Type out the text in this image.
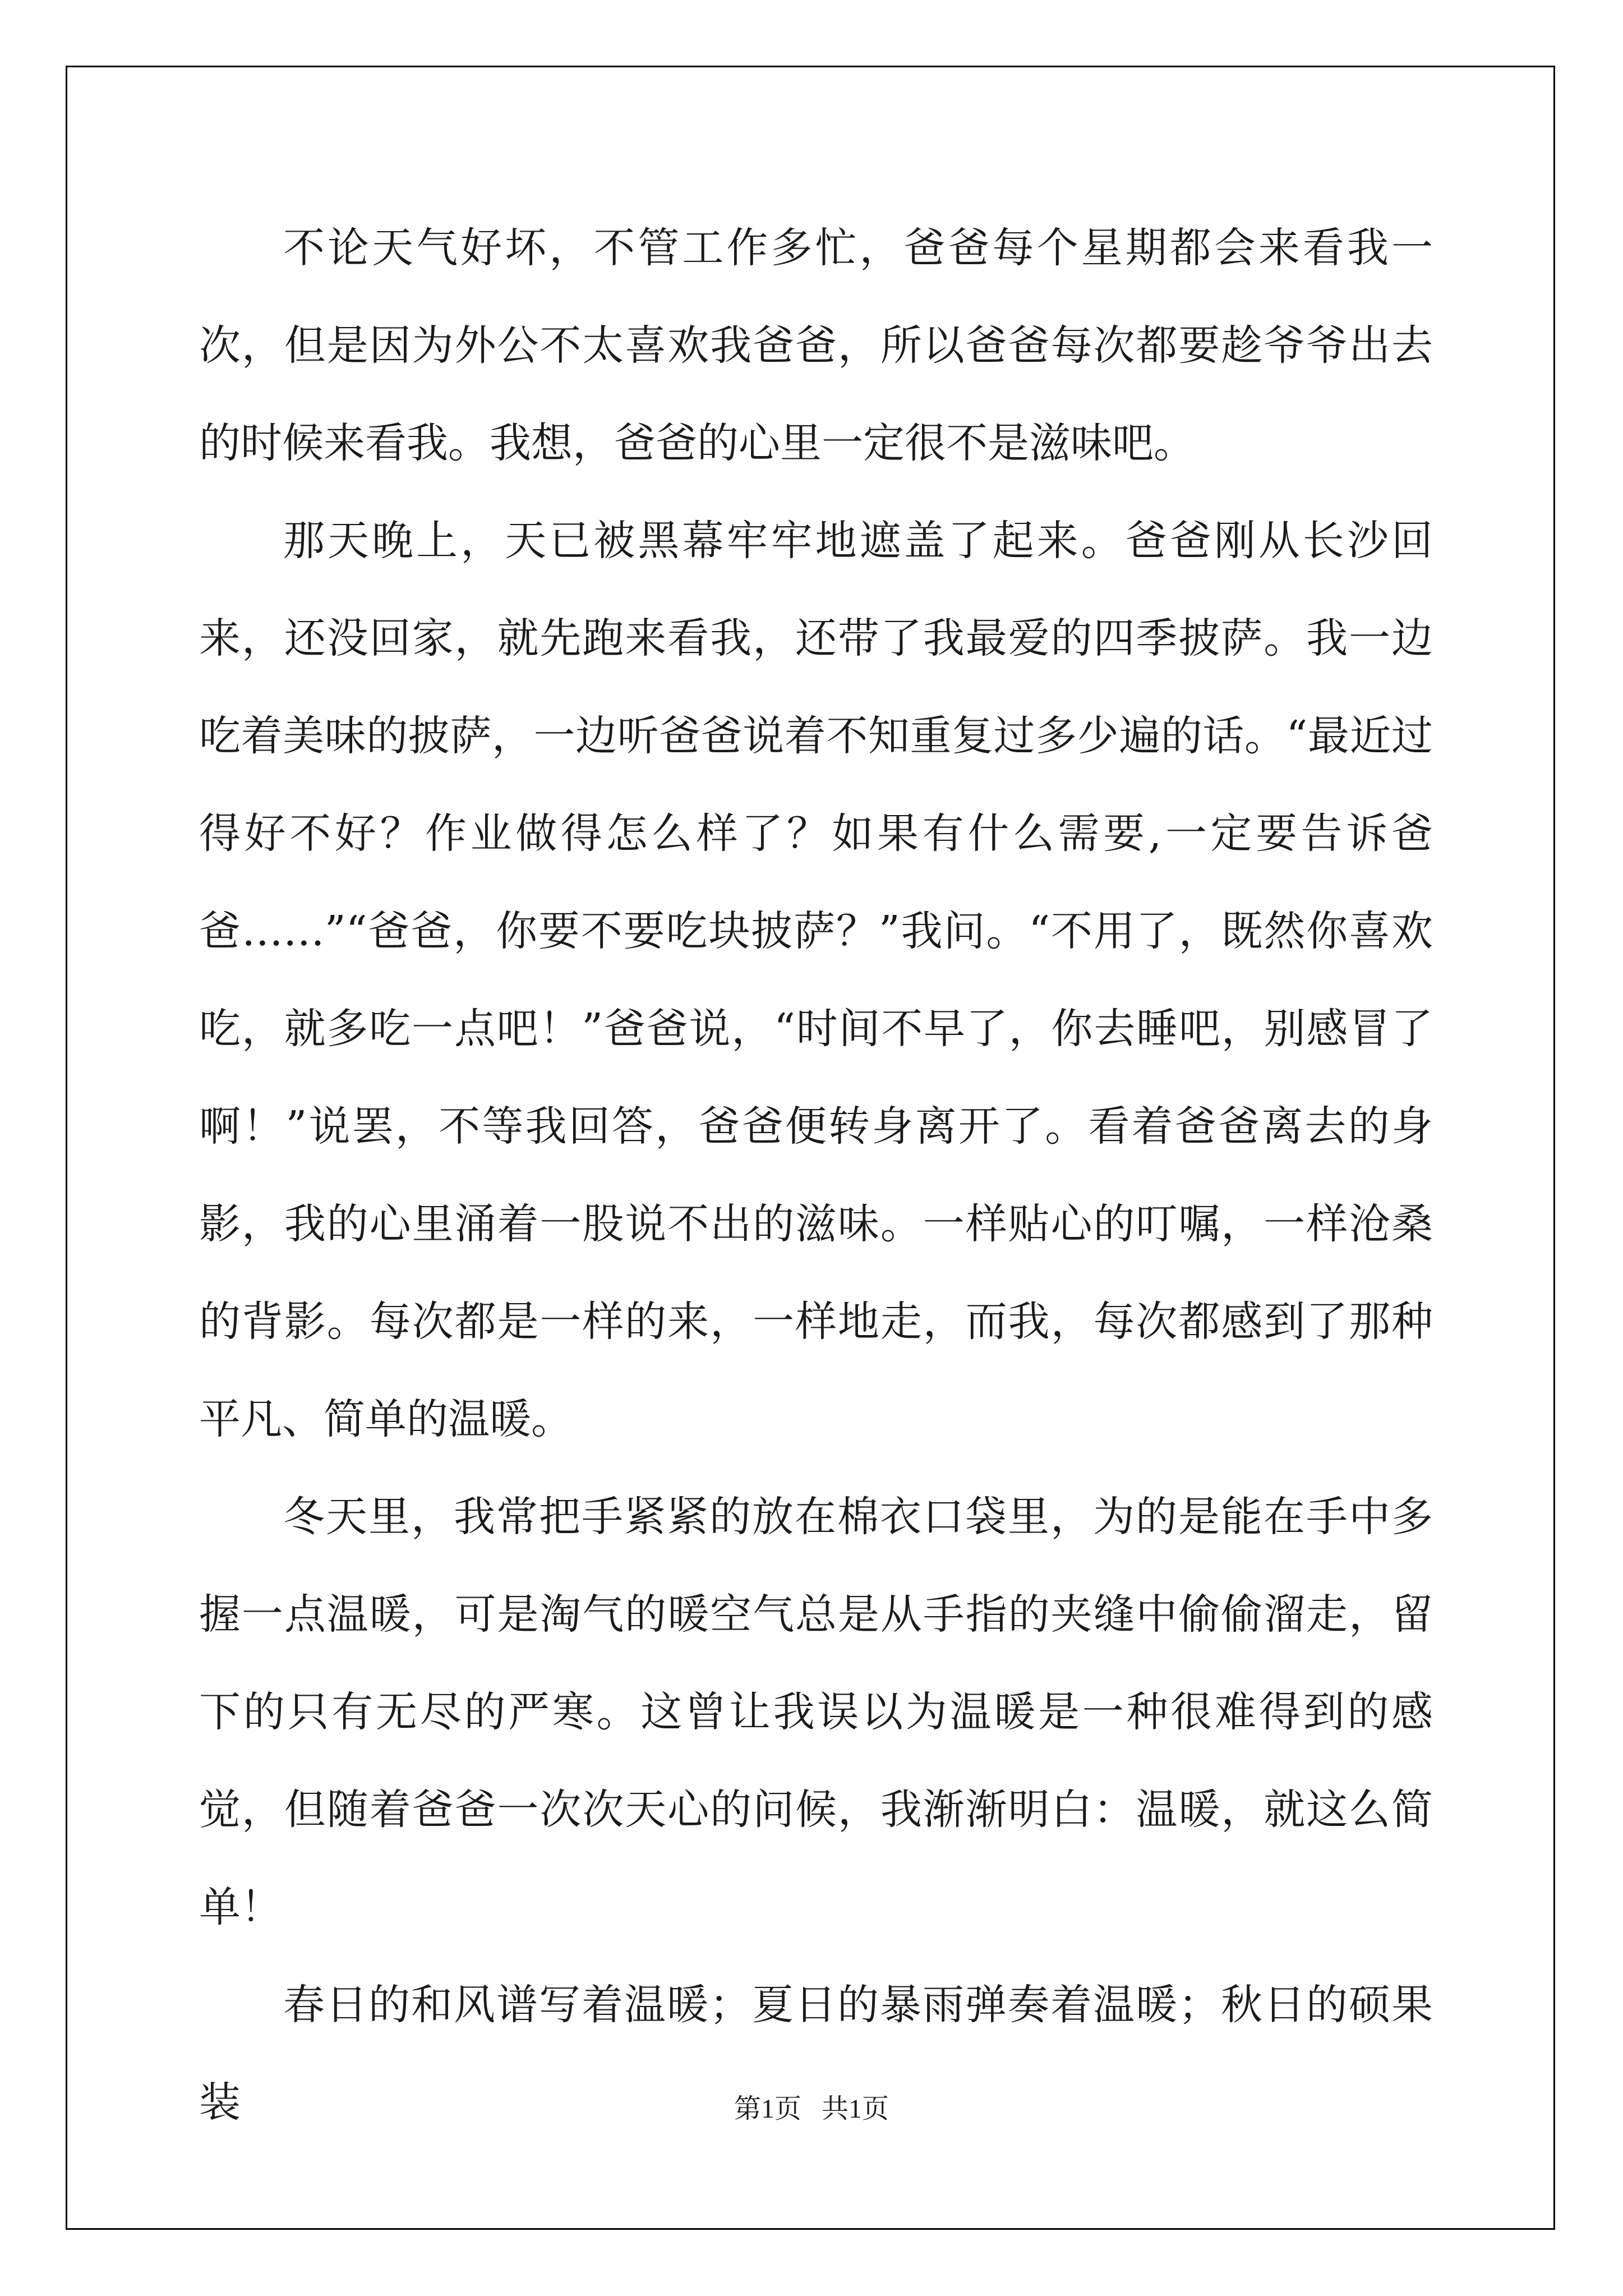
不论天气好坏，不管工作多忙，爸爸每个星期都会来看我一次，但是因为外公不太喜欢我爸爸，所以爸爸每次都要趁爷爷出去的时候来看我。我想，爸爸的心里一定很不是滋味吧。

那天晚上，天已被黑幕牢牢地遮盖了起来。爸爸刚从长沙回来，还没回家，就先跑来看我，还带了我最爱的四季披萨。我一边吃着美味的披萨，一边听爸爸说着不知重复过多少遍的话。“最近过得好不好？作业做得怎么样了？如果有什么需要,一定要告诉爸爸……”“爸爸，你要不要吃块披萨？”我问。“不用了，既然你喜欢吃，就多吃一点吧！”爸爸说，“时间不早了，你去睡吧，别感冒了啊！”说罢，不等我回答，爸爸便转身离开了。看着爸爸离去的身影，我的心里涌着一股说不出的滋味。一样贴心的叮嘱，一样沧桑的背影。每次都是一样的来，一样地走，而我，每次都感到了那种平凡、简单的温暖。

冬天里，我常把手紧紧的放在棉衣口袋里，为的是能在手中多握一点温暖，可是淘气的暖空气总是从手指的夹缝中偷偷溜走，留下的只有无尽的严寒。这曾让我误以为温暖是一种很难得到的感觉，但随着爸爸一次次天心的问候，我渐渐明白：温暖，就这么简单！

春日的和风谱写着温暖；夏日的暴雨弹奏着温暖；秋日的硕果装	第1页   共1页
